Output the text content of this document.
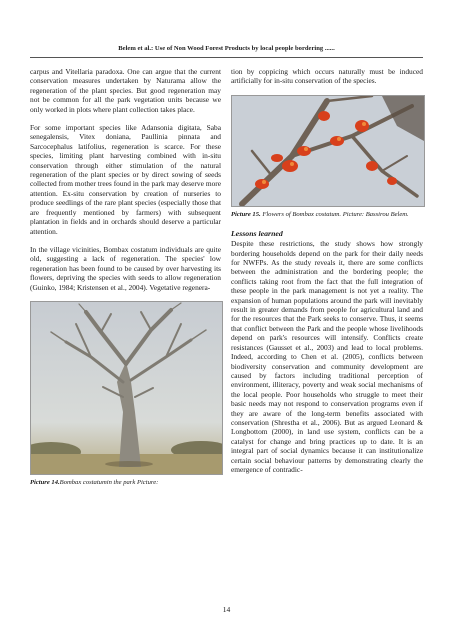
Belem et al.: Use of Non Wood Forest Products by local people bordering ......

carpus and Vitellaria paradoxa. One can argue that the current conservation measures undertaken by Naturama allow the regeneration of the plant species. But good regeneration may not be common for all the park vegetation units because we only worked in plots where plant collection takes place.

For some important species like Adansonia digitata, Saba senegalensis, Vitex doniana, Paullinia pinnata and Sarcocephalus latifolius, regeneration is scarce. For these species, limiting plant harvesting combined with in-situ conservation through either stimulation of the natural regeneration of the plant species or by direct sowing of seeds collected from mother trees found in the park may deserve more attention. Ex-situ conservation by creation of nurseries to produce seedlings of the rare plant species (especially those that are frequently mentioned by farmers) with subsequent plantation in fields and in orchards should deserve a particular attention.

In the village vicinities, Bombax costatum individuals are quite old, suggesting a lack of regeneration. The species' low regeneration has been found to be caused by over harvesting its flowers, depriving the species with seeds to allow regeneration (Guinko, 1984; Kristensen et al., 2004). Vegetative regenera-

Picture 14.Bombax costatumin the park Picture:

tion by coppicing which occurs naturally must be induced artificially for in-situ conservation of the species.

Picture 15. Flowers of Bombax costatum. Picture: Bassirou Belem.

Lessons learned

Despite these restrictions, the study shows how strongly bordering households depend on the park for their daily needs for NWFPs. As the study reveals it, there are some conflicts between the administration and the bordering people; the conflicts taking root from the fact that the full integration of these people in the park management is not yet a reality. The expansion of human populations around the park will inevitably result in greater demands from people for agricultural land and for the resources that the Park seeks to conserve. Thus, it seems that conflict between the Park and the people whose livelihoods depend on park's resources will intensify. Conflicts create resistances (Gausset et al., 2003) and lead to local problems. Indeed, according to Chen et al. (2005), conflicts between biodiversity conservation and community development are caused by factors including traditional perception of environment, illiteracy, poverty and weak social mechanisms of the local people. Poor households who struggle to meet their basic needs may not respond to conservation programs even if they are aware of the long-term benefits associated with conservation (Shrestha et al., 2006). But as argued Leonard & Longbottom (2000), in land use system, conflicts can be a catalyst for change and bring practices up to date. It is an integral part of social dynamics because it can institutionalize certain social behaviour patterns by demonstrating clearly the emergence of contradic-

14
